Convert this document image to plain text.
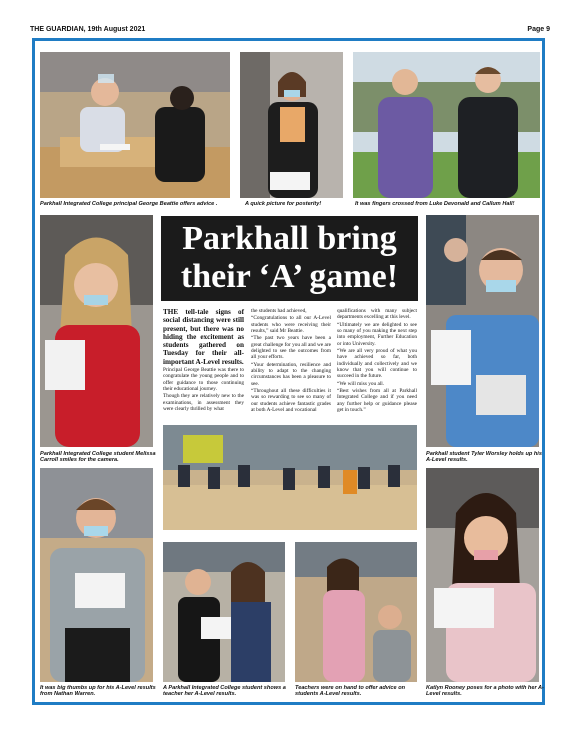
THE GUARDIAN, 19th August 2021	Page 9
Parkhall Integrated College principal George Beattie offers advice .	A quick picture for posterity!	It was fingers crossed from Luke Devonald and Callum Hall!
Parkhall Integrated College student Melissa Carroll smiles for the camera.
Parkhall bring
their ‘A’ game!

THE tell-tale signs of social distancing were still present, but there was no hiding the excitement as students gathered on Tuesday for their all-important A-Level results.

Principal George Beattie was there to congratulate the young people and to offer guidance to those continuing their educational journey.

Though they are relatively new to the examinations, in assessment they were clearly thrilled by what

the students had achieved,

“Congratulations to all our A-Level students who were receiving their results,” said Mr Beattie.

“The past two years have been a great challenge for you all and we are delighted to see the outcomes from all your efforts.

“Your determination, resilience and ability to adapt to the changing circumstances has been a pleasure to see.

“Throughout all these difficulties it was so rewarding to see so many of our students achieve fantastic grades at both A-Level and vocational

qualifications with many subject departments excelling at this level.

“Ultimately we are delighted to see so many of you making the next step into employment, Further Education or into University.

“We are all very proud of what you have achieved so far, both individually and collectively and we know that you will continue to succeed in the future.

“We will miss you all.

“Best wishes from all at Parkhall Integrated College and if you need any further help or guidance please get in touch.”

Parkhall student Tyler Worsley holds up his A-Level results.
It was big thumbs up for his A-Level results from Nathan Warren.
A Parkhall Integrated College student shows a teacher her A-Level results.
Teachers were on hand to offer advice on students A-Level results.
Katlyn Rooney poses for a photo with her A-Level results.
